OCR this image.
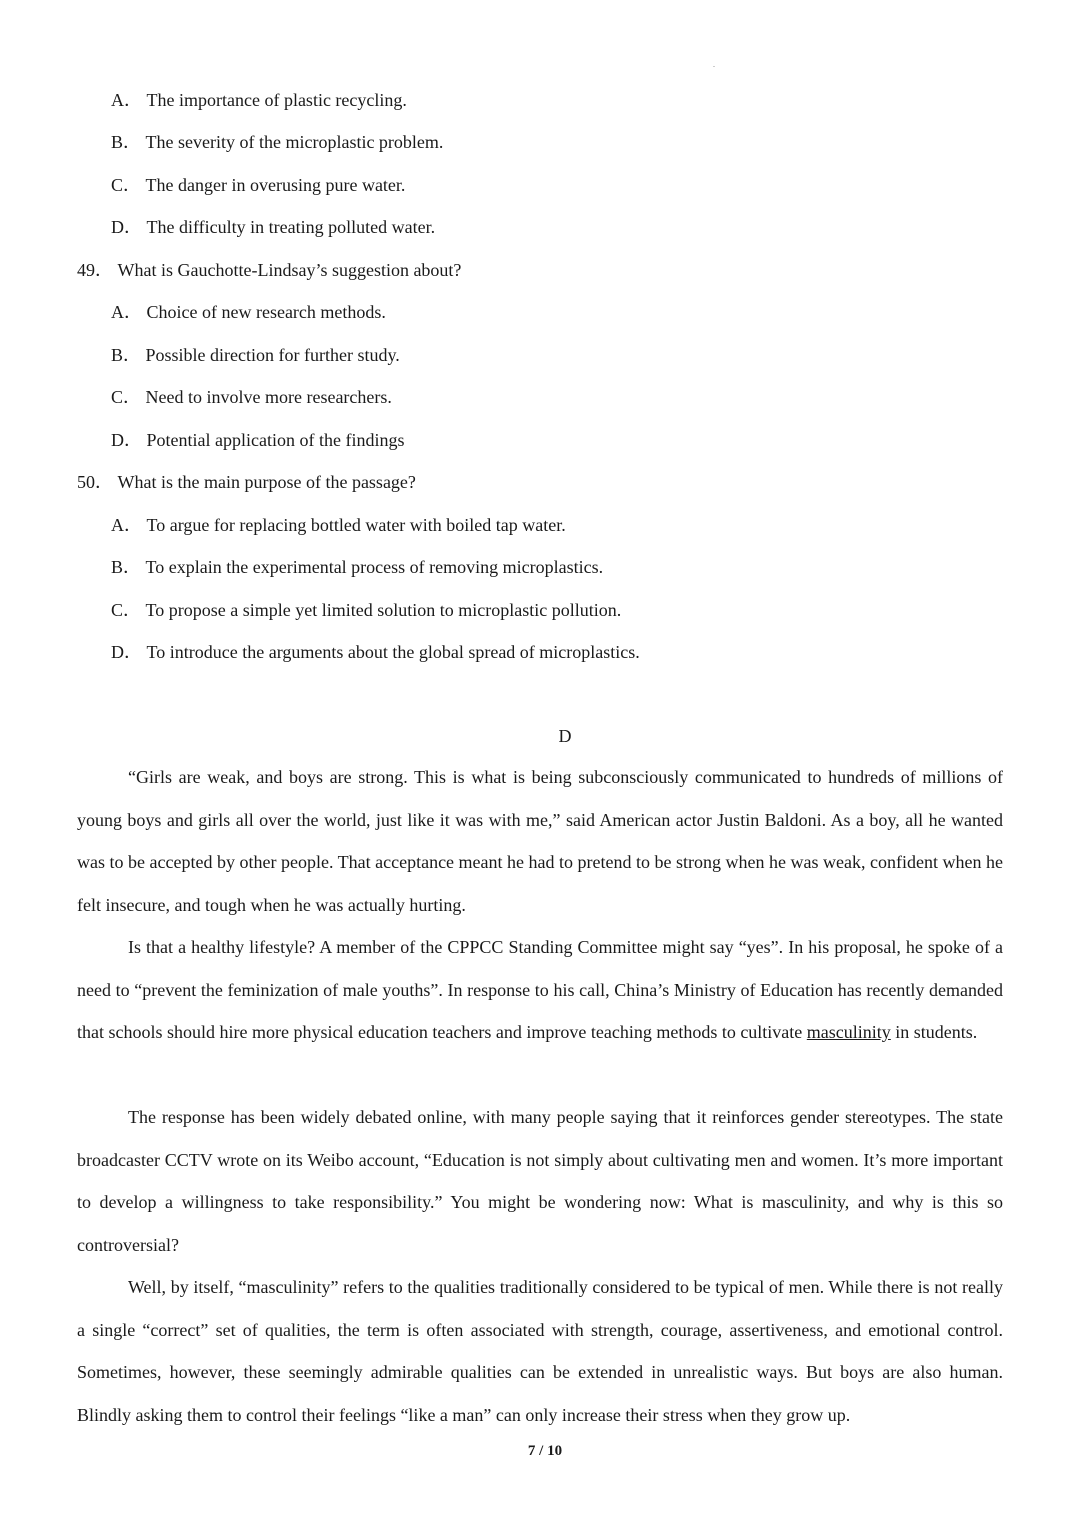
A． The importance of plastic recycling.
B． The severity of the microplastic problem.
C． The danger in overusing pure water.
D． The difficulty in treating polluted water.
49． What is Gauchotte-Lindsay’s suggestion about?
A． Choice of new research methods.
B． Possible direction for further study.
C． Need to involve more researchers.
D． Potential application of the findings
50． What is the main purpose of the passage?
A． To argue for replacing bottled water with boiled tap water.
B． To explain the experimental process of removing microplastics.
C． To propose a simple yet limited solution to microplastic pollution.
D． To introduce the arguments about the global spread of microplastics.
D

“Girls are weak, and boys are strong. This is what is being subconsciously communicated to hundreds of millions of young boys and girls all over the world, just like it was with me,” said American actor Justin Baldoni. As a boy, all he wanted was to be accepted by other people. That acceptance meant he had to pretend to be strong when he was weak, confident when he felt insecure, and tough when he was actually hurting.

Is that a healthy lifestyle? A member of the CPPCC Standing Committee might say “yes”. In his proposal, he spoke of a need to “prevent the feminization of male youths”. In response to his call, China’s Ministry of Education has recently demanded that schools should hire more physical education teachers and improve teaching methods to cultivate masculinity in students.

The response has been widely debated online, with many people saying that it reinforces gender stereotypes. The state broadcaster CCTV wrote on its Weibo account, “Education is not simply about cultivating men and women. It’s more important to develop a willingness to take responsibility.” You might be wondering now: What is masculinity, and why is this so controversial?

Well, by itself, “masculinity” refers to the qualities traditionally considered to be typical of men. While there is not really a single “correct” set of qualities, the term is often associated with strength, courage, assertiveness, and emotional control. Sometimes, however, these seemingly admirable qualities can be extended in unrealistic ways. But boys are also human. Blindly asking them to control their feelings “like a man” can only increase their stress when they grow up.

7 / 10
